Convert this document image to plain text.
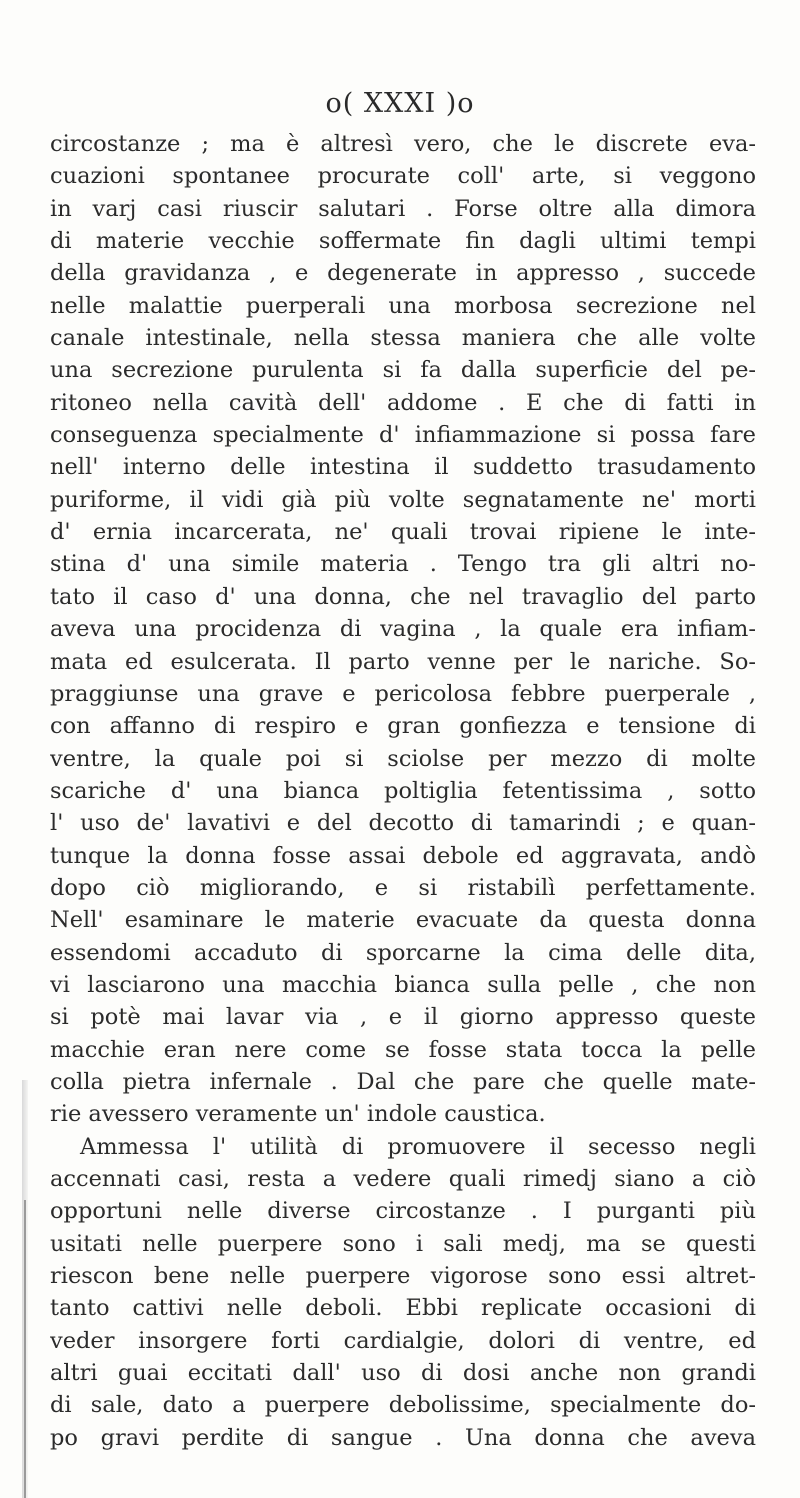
o( XXXI )o
circostanze ; ma è altresì vero, che le discrete eva-
cuazioni spontanee procurate coll' arte, si veggono
in varj casi riuscir salutari . Forse oltre alla dimora
di materie vecchie soffermate fin dagli ultimi tempi
della gravidanza , e degenerate in appresso , succede
nelle malattie puerperali una morbosa secrezione nel
canale intestinale, nella stessa maniera che alle volte
una secrezione purulenta si fa dalla superficie del pe-
ritoneo nella cavità dell' addome . E che di fatti in
conseguenza specialmente d' infiammazione si possa fare
nell' interno delle intestina il suddetto trasudamento
puriforme, il vidi già più volte segnatamente ne' morti
d' ernia incarcerata, ne' quali trovai ripiene le inte-
stina d' una simile materia . Tengo tra gli altri no-
tato il caso d' una donna, che nel travaglio del parto
aveva una procidenza di vagina , la quale era infiam-
mata ed esulcerata. Il parto venne per le nariche. So-
praggiunse una grave e pericolosa febbre puerperale ,
con affanno di respiro e gran gonfiezza e tensione di
ventre, la quale poi si sciolse per mezzo di molte
scariche d' una bianca poltiglia fetentissima , sotto
l' uso de' lavativi e del decotto di tamarindi ; e quan-
tunque la donna fosse assai debole ed aggravata, andò
dopo ciò migliorando, e si ristabilì perfettamente.
Nell' esaminare le materie evacuate da questa donna
essendomi accaduto di sporcarne la cima delle dita,
vi lasciarono una macchia bianca sulla pelle , che non
si potè mai lavar via , e il giorno appresso queste
macchie eran nere come se fosse stata tocca la pelle
colla pietra infernale . Dal che pare che quelle mate-
rie avessero veramente un' indole caustica.
Ammessa l' utilità di promuovere il secesso negli
accennati casi, resta a vedere quali rimedj siano a ciò
opportuni nelle diverse circostanze . I purganti più
usitati nelle puerpere sono i sali medj, ma se questi
riescon bene nelle puerpere vigorose sono essi altret-
tanto cattivi nelle deboli. Ebbi replicate occasioni di
veder insorgere forti cardialgie, dolori di ventre, ed
altri guai eccitati dall' uso di dosi anche non grandi
di sale, dato a puerpere debolissime, specialmente do-
po gravi perdite di sangue . Una donna che aveva
